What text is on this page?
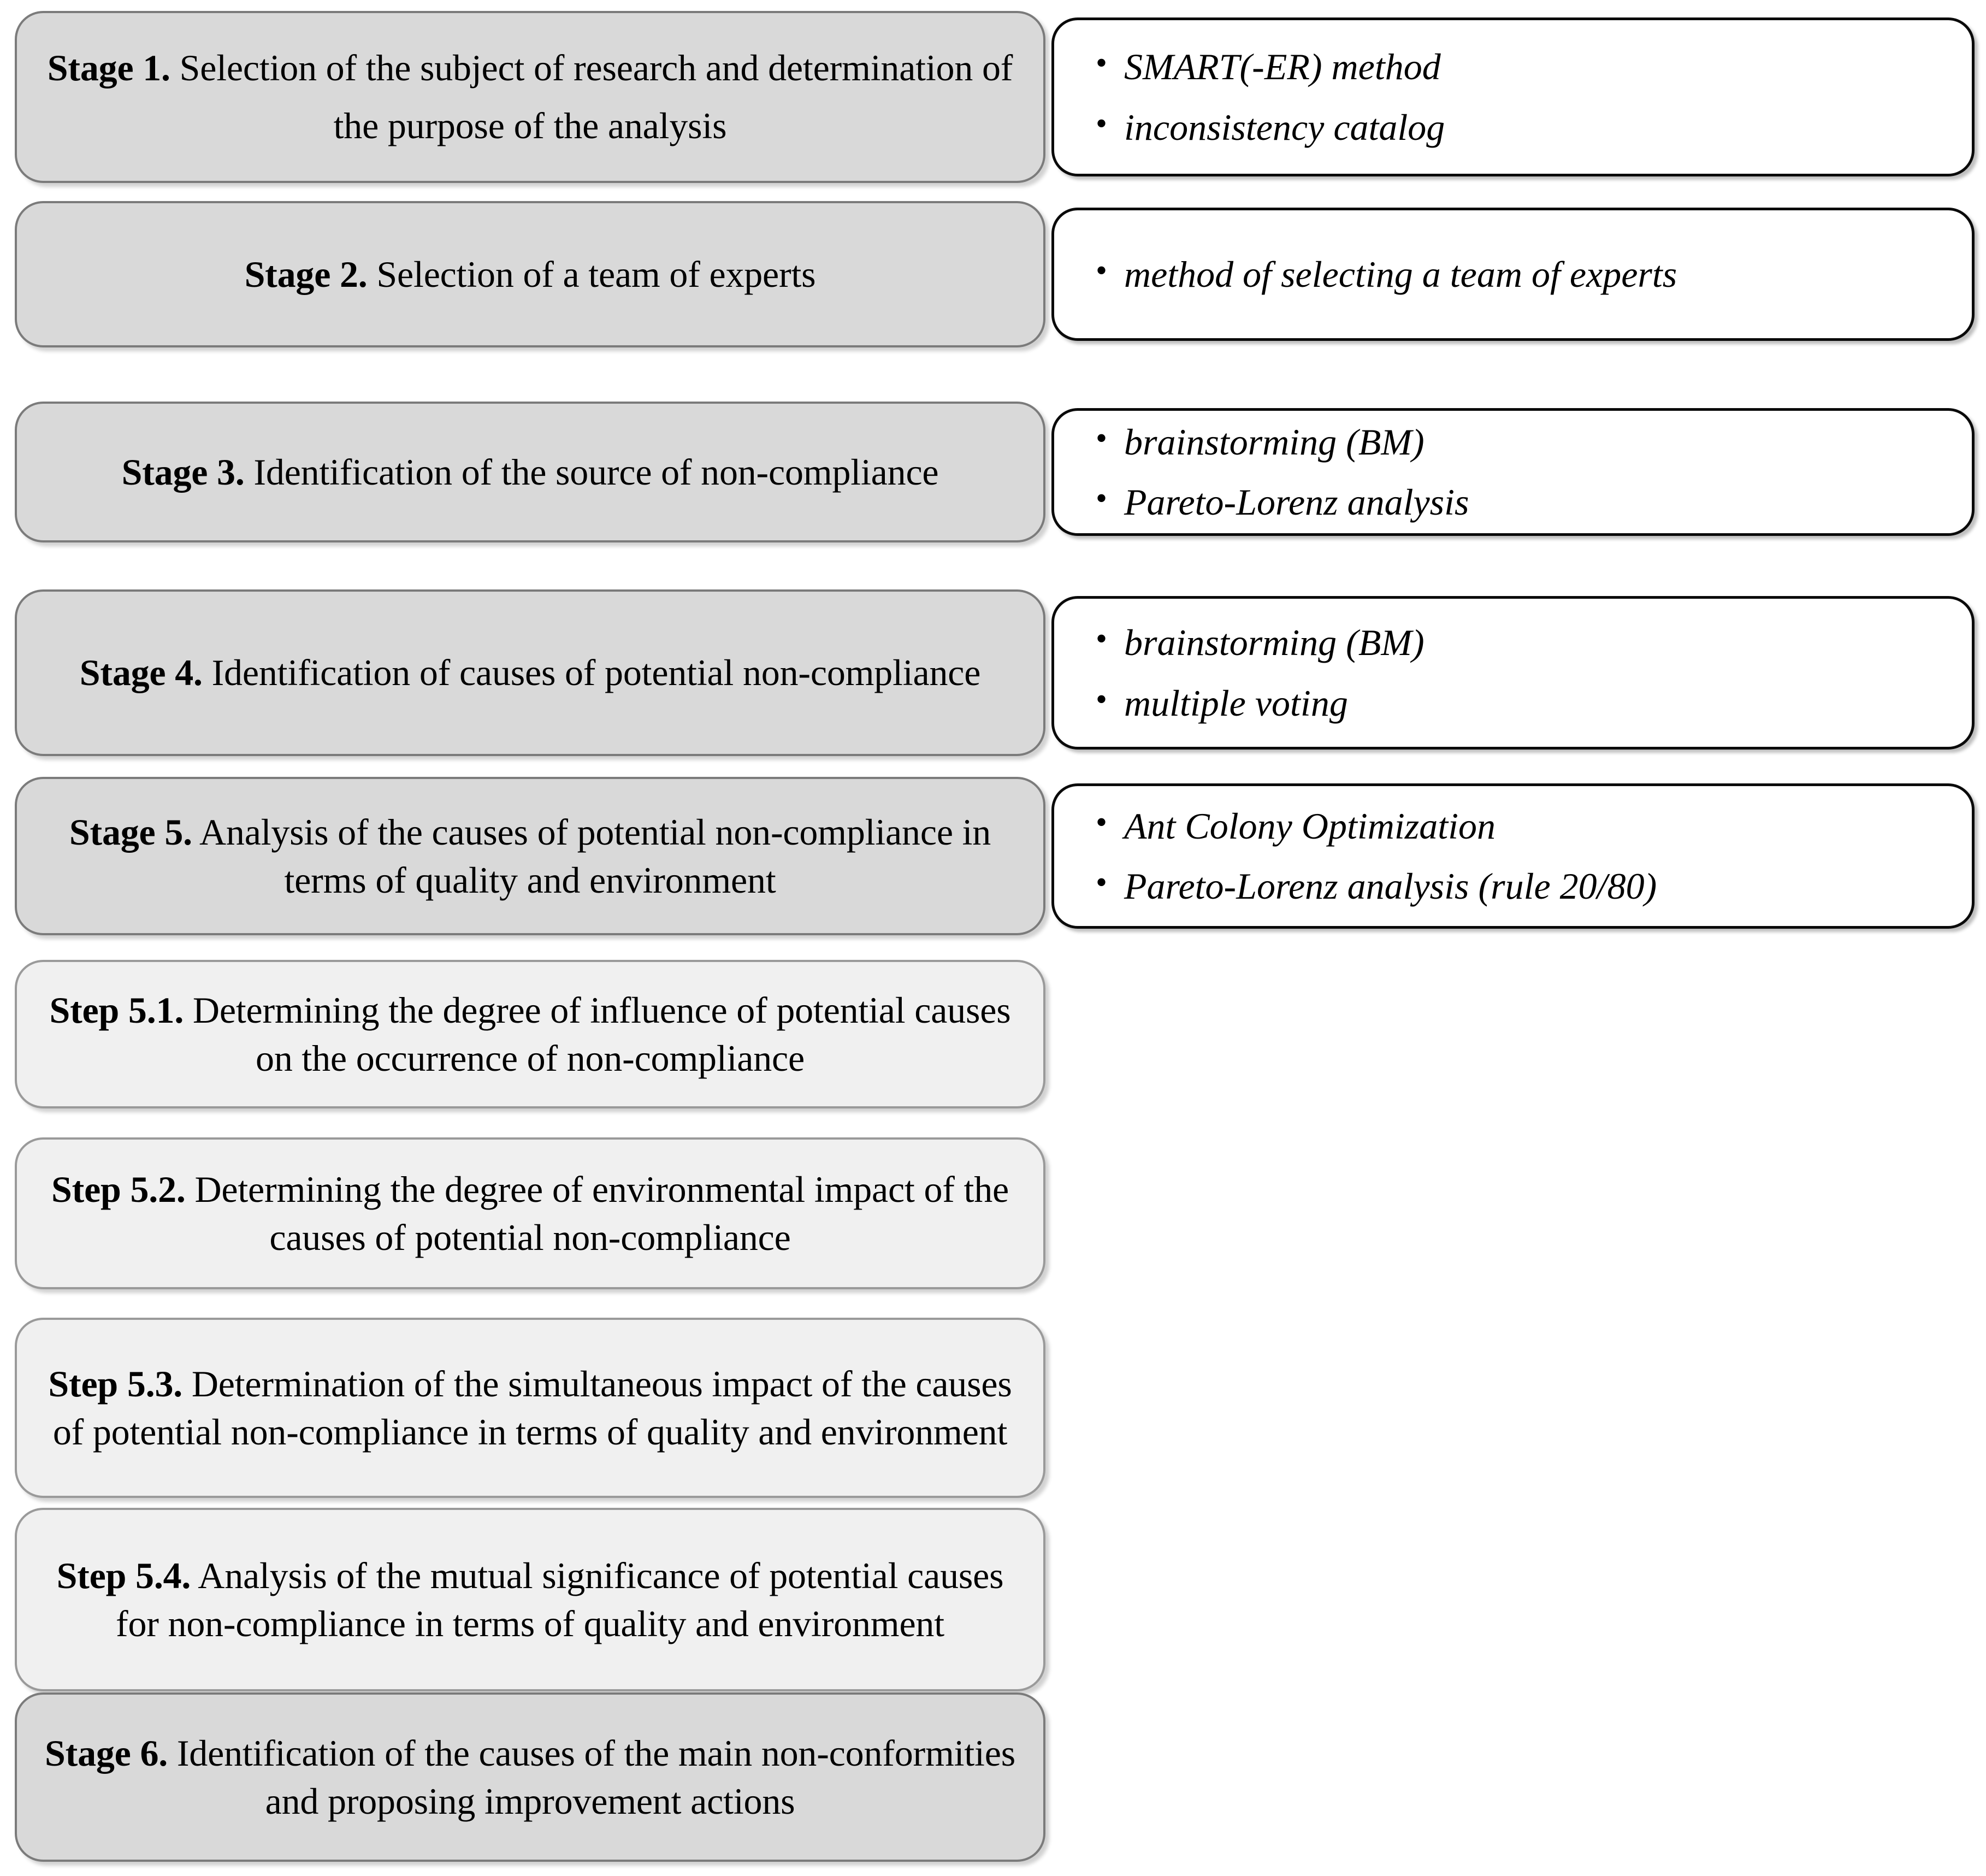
Stage 1. Selection of the subject of research and determination of the purpose of the analysis
• SMART(-ER) method
• inconsistency catalog
Stage 2. Selection of a team of experts	• method of selecting a team of experts
Stage 3. Identification of the source of non-compliance
• brainstorming (BM)
• Pareto-Lorenz analysis
Stage 4. Identification of causes of potential non-compliance
• brainstorming (BM)
• multiple voting
Stage 5. Analysis of the causes of potential non-compliance in terms of quality and environment
• Ant Colony Optimization
• Pareto-Lorenz analysis (rule 20/80)
Step 5.1. Determining the degree of influence of potential causes on the occurrence of non-compliance
Step 5.2. Determining the degree of environmental impact of the causes of potential non-compliance
Step 5.3. Determination of the simultaneous impact of the causes of potential non-compliance in terms of quality and environment
Step 5.4. Analysis of the mutual significance of potential causes for non-compliance in terms of quality and environment
Stage 6. Identification of the causes of the main non-conformities and proposing improvement actions
